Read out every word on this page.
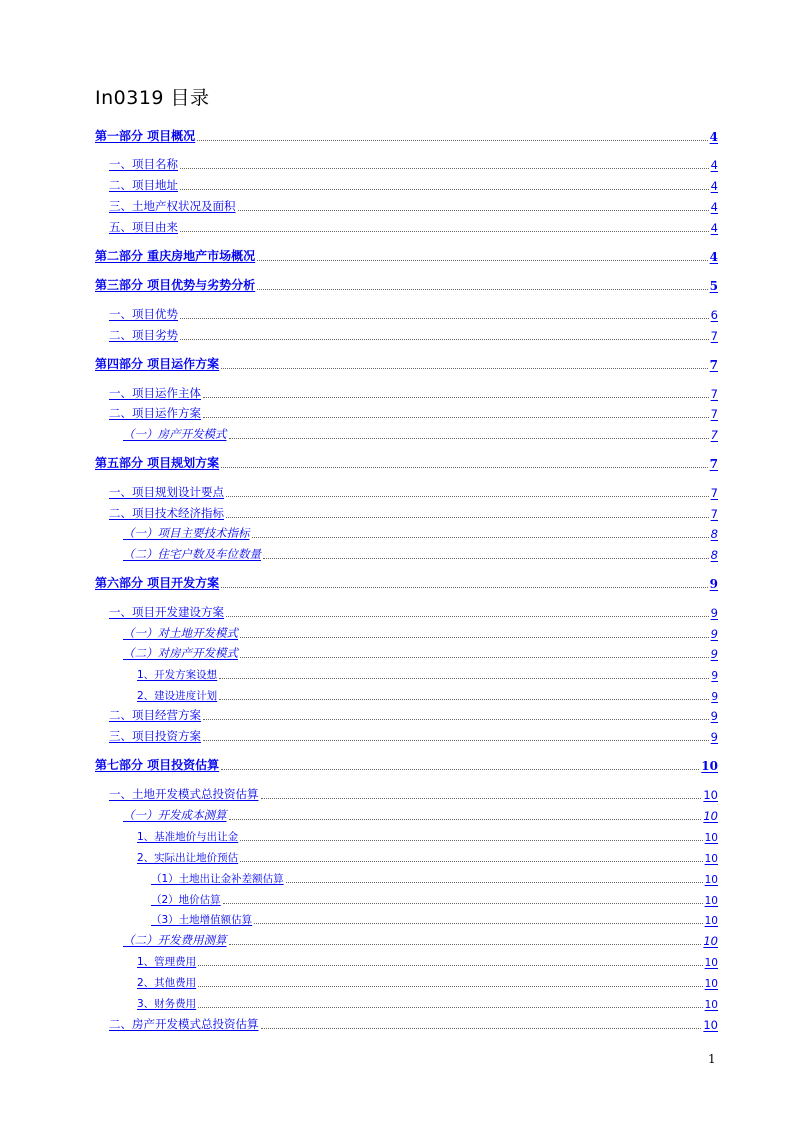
In0319 目录
第一部分 项目概况	4
一、项目名称	4
二、项目地址	4
三、土地产权状况及面积	4
五、项目由来	4
第二部分 重庆房地产市场概况	4
第三部分 项目优势与劣势分析	5
一、项目优势	6
二、项目劣势	7
第四部分 项目运作方案	7
一、项目运作主体	7
二、项目运作方案	7
（一）房产开发模式	7
第五部分 项目规划方案	7
一、项目规划设计要点	7
二、项目技术经济指标	7
（一）项目主要技术指标	8
（二）住宅户数及车位数量	8
第六部分 项目开发方案	9
一、项目开发建设方案	9
（一）对土地开发模式	9
（二）对房产开发模式	9
1、开发方案设想	9
2、建设进度计划	9
二、项目经营方案	9
三、项目投资方案	9
第七部分 项目投资估算	10
一、土地开发模式总投资估算	10
（一）开发成本测算	10
1、基准地价与出让金	10
2、实际出让地价预估	10
（1）土地出让金补差额估算	10
（2）地价估算	10
（3）土地增值额估算	10
（二）开发费用测算	10
1、管理费用	10
2、其他费用	10
3、财务费用	10
二、房产开发模式总投资估算	10
1
